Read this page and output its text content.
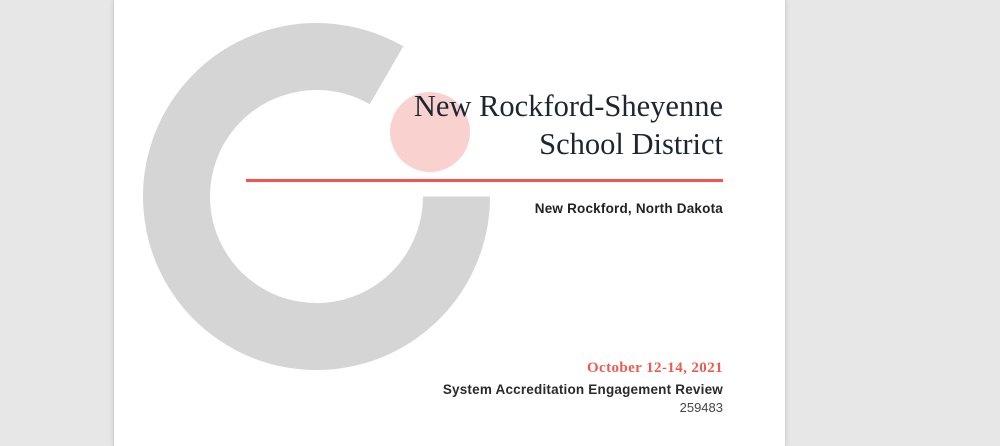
New Rockford-Sheyenne
School District
New Rockford, North Dakota
October 12-14, 2021
System Accreditation Engagement Review
259483
